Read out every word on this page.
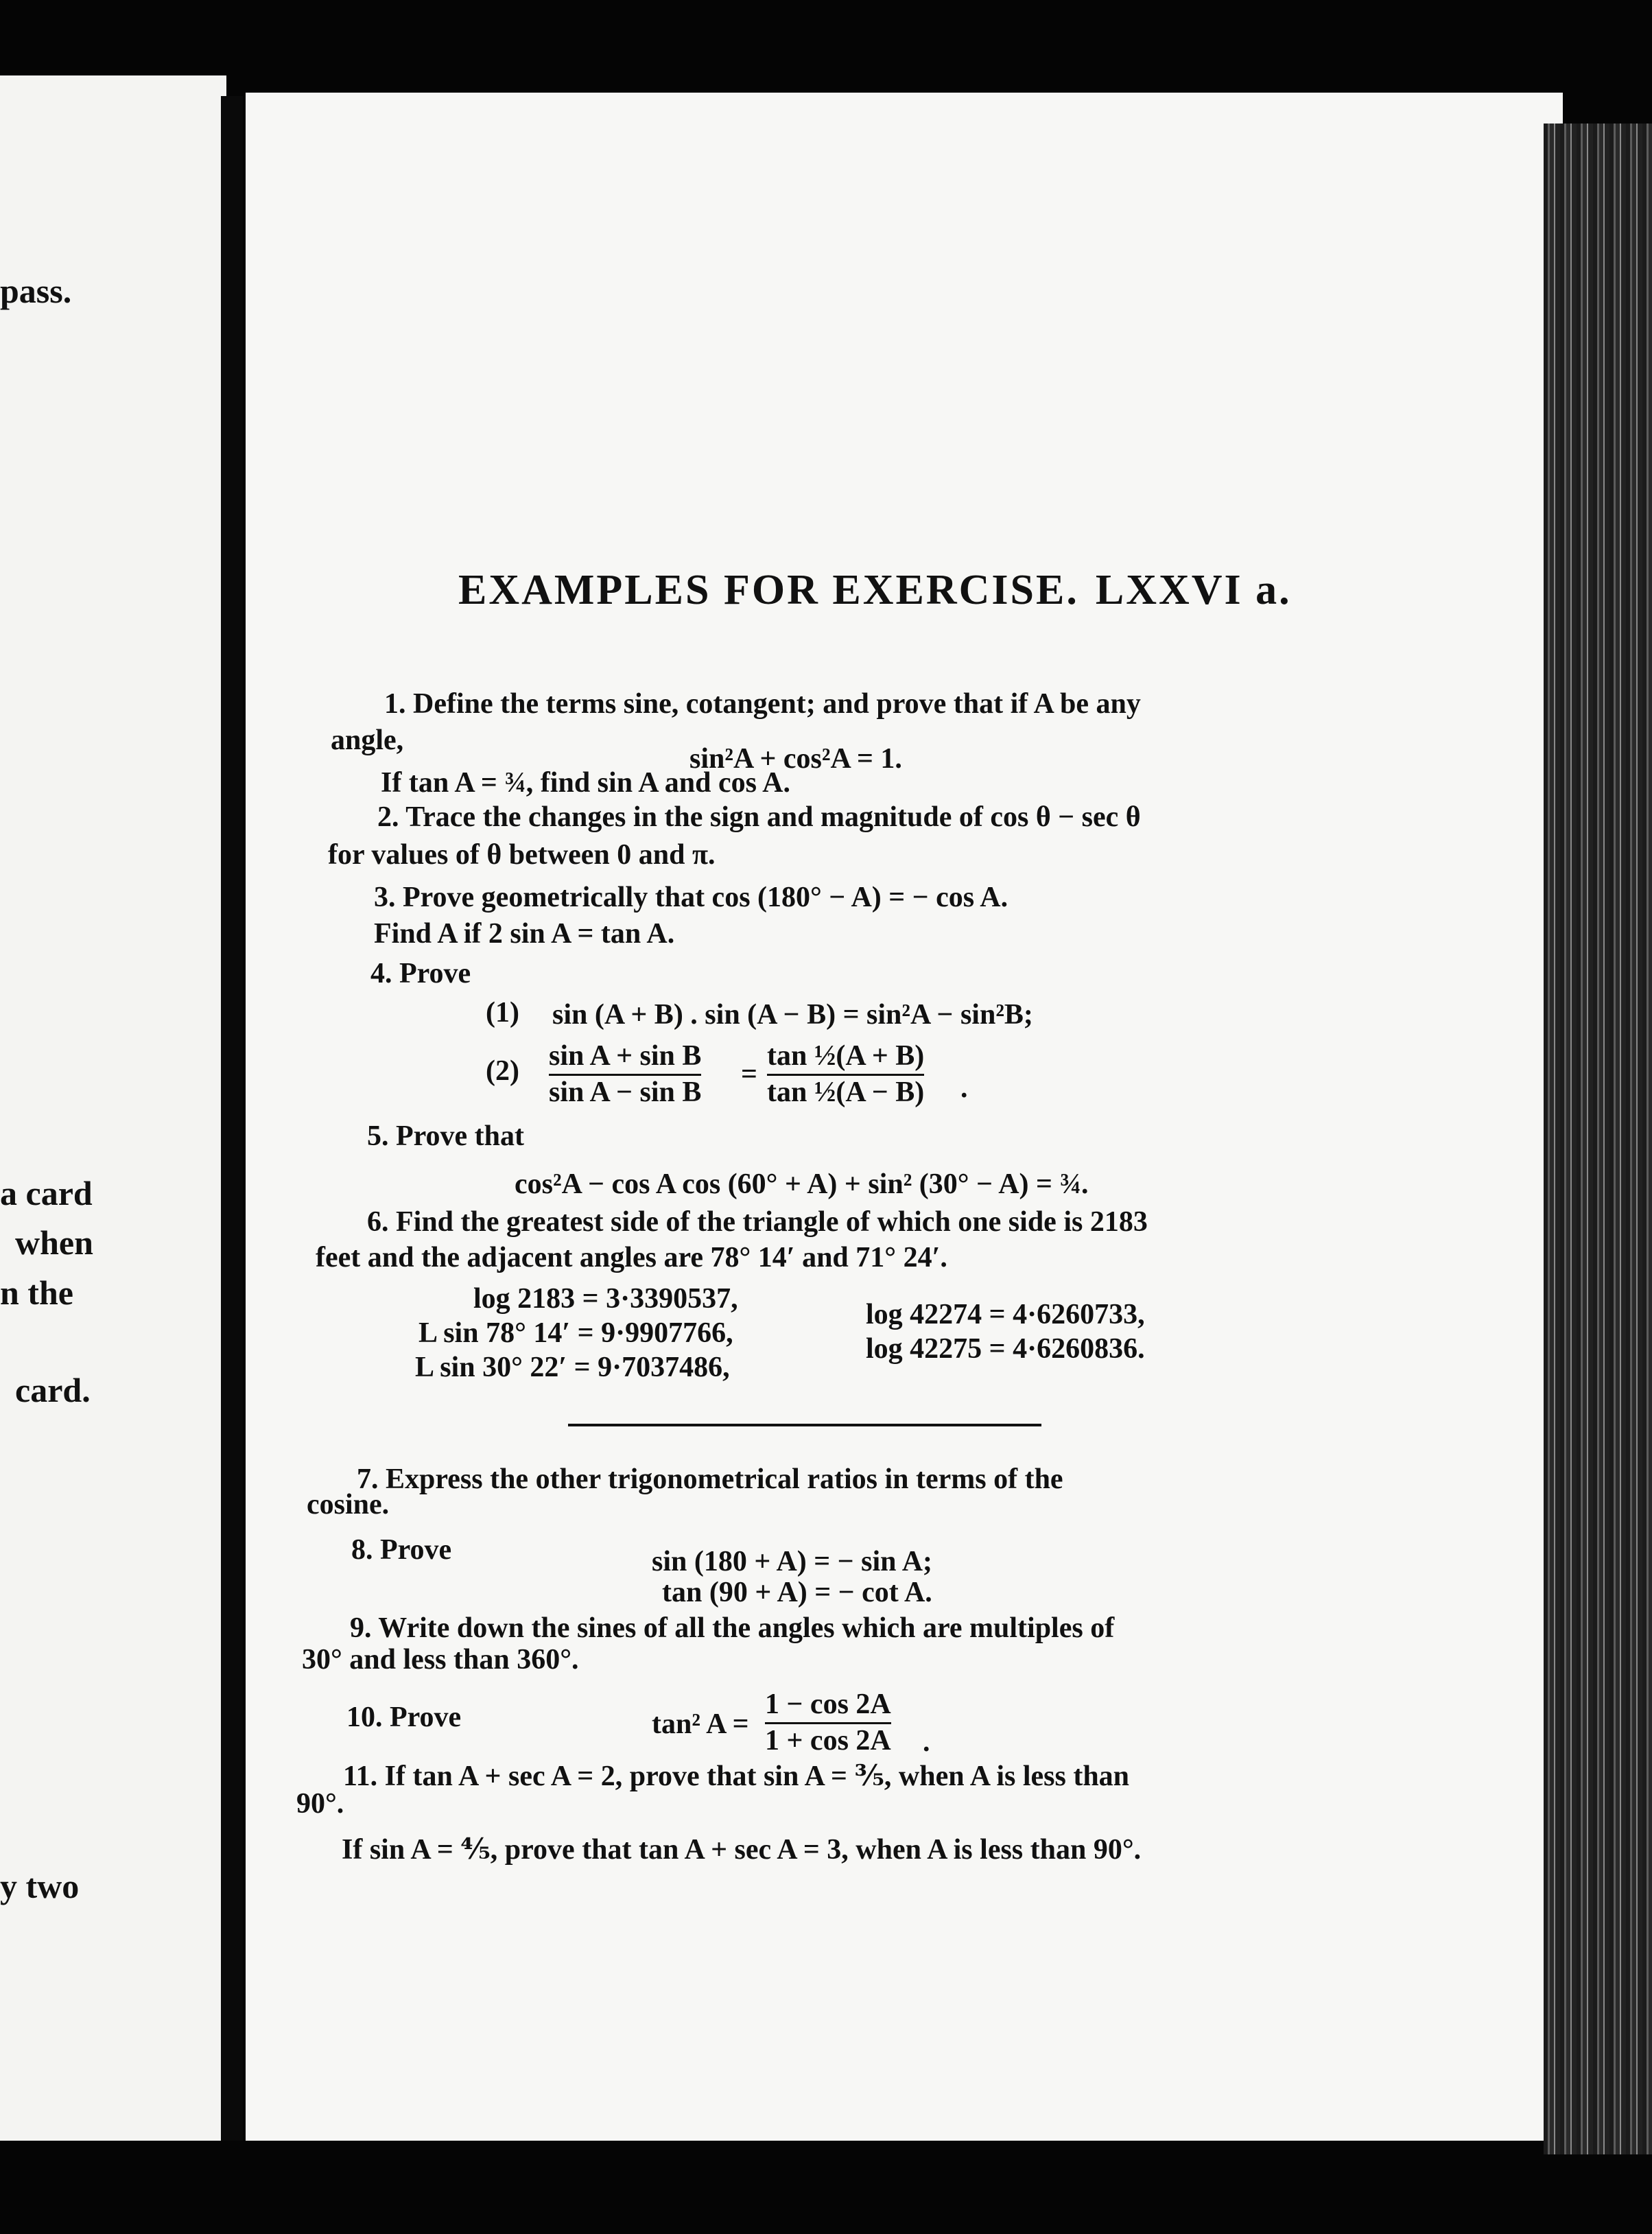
pass.
a card
when
n the
card.
y two
EXAMPLES FOR EXERCISE. LXXVI a.
1. Define the terms sine, cotangent; and prove that if A be any
angle,
sin²A + cos²A = 1.
If tan A = ¾, find sin A and cos A.
2. Trace the changes in the sign and magnitude of cos θ − sec θ
for values of θ between 0 and π.
3. Prove geometrically that cos (180° − A) = − cos A.
Find A if 2 sin A = tan A.
4. Prove
(1) sin (A + B) . sin (A − B) = sin²A − sin²B;
$(2) \frac{\text{sin A + sin B}}{\text{sin A − sin B}} = \frac{\text{tan ½(A + B)}}{\text{tan ½(A − B)}}$ .
5. Prove that
cos²A − cos A cos (60° + A) + sin² (30° − A) = ¾.
6. Find the greatest side of the triangle of which one side is 2183
feet and the adjacent angles are 78° 14′ and 71° 24′.
log 2183 = 3·3390537,
L sin 78° 14′ = 9·9907766,
L sin 30° 22′ = 9·7037486,
log 42274 = 4·6260733,
log 42275 = 4·6260836.
7. Express the other trigonometrical ratios in terms of the
cosine.
8. Prove	sin (180 + A) = − sin A;
tan (90 + A) = − cot A.
9. Write down the sines of all the angles which are multiples of
30° and less than 360°.
10. Prove	tan² $A = \frac{1 - \cos 2A}{1 + \cos 2A}$ .
11. If tan A + sec A = 2, prove that sin A = ⅗, when A is less than
90°.
If sin A = ⅘, prove that tan A + sec A = 3, when A is less than 90°.
